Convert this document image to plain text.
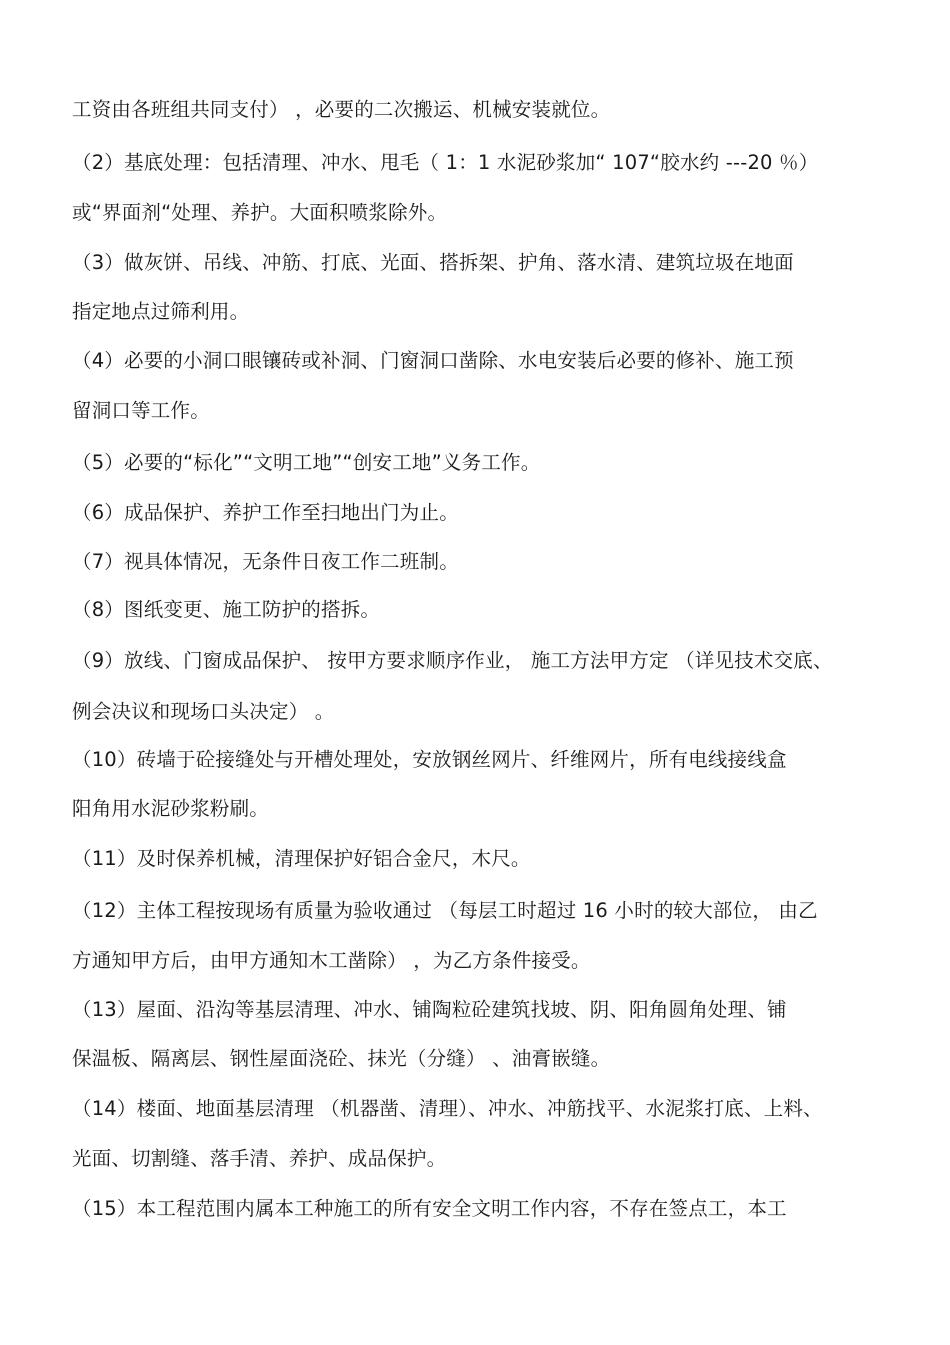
工资由各班组共同支付） ，必要的二次搬运、机械安装就位。
（2）基底处理：包括清理、冲水、甩毛（ 1：1 水泥砂浆加“ 107“胶水约 ---20 ％）
或“界面剂“处理、养护。大面积喷浆除外。
（3）做灰饼、吊线、冲筋、打底、光面、搭拆架、护角、落水清、建筑垃圾在地面
指定地点过筛利用。
（4）必要的小洞口眼镶砖或补洞、门窗洞口凿除、水电安装后必要的修补、施工预
留洞口等工作。
（5）必要的“标化”“文明工地”“创安工地”义务工作。
（6）成品保护、养护工作至扫地出门为止。
（7）视具体情况，无条件日夜工作二班制。
（8）图纸变更、施工防护的搭拆。
（9）放线、门窗成品保护、 按甲方要求顺序作业， 施工方法甲方定 （详见技术交底、
例会决议和现场口头决定） 。
（10）砖墙于砼接缝处与开槽处理处，安放钢丝网片、纤维网片，所有电线接线盒
阳角用水泥砂浆粉刷。
（11）及时保养机械，清理保护好铝合金尺，木尺。
（12）主体工程按现场有质量为验收通过 （每层工时超过 16 小时的较大部位， 由乙
方通知甲方后，由甲方通知木工凿除） ，为乙方条件接受。
（13）屋面、沿沟等基层清理、冲水、铺陶粒砼建筑找坡、阴、阳角圆角处理、铺
保温板、隔离层、钢性屋面浇砼、抹光（分缝） 、油膏嵌缝。
（14）楼面、地面基层清理 （机器凿、清理）、冲水、冲筋找平、水泥浆打底、上料、
光面、切割缝、落手清、养护、成品保护。
（15）本工程范围内属本工种施工的所有安全文明工作内容，不存在签点工，本工
